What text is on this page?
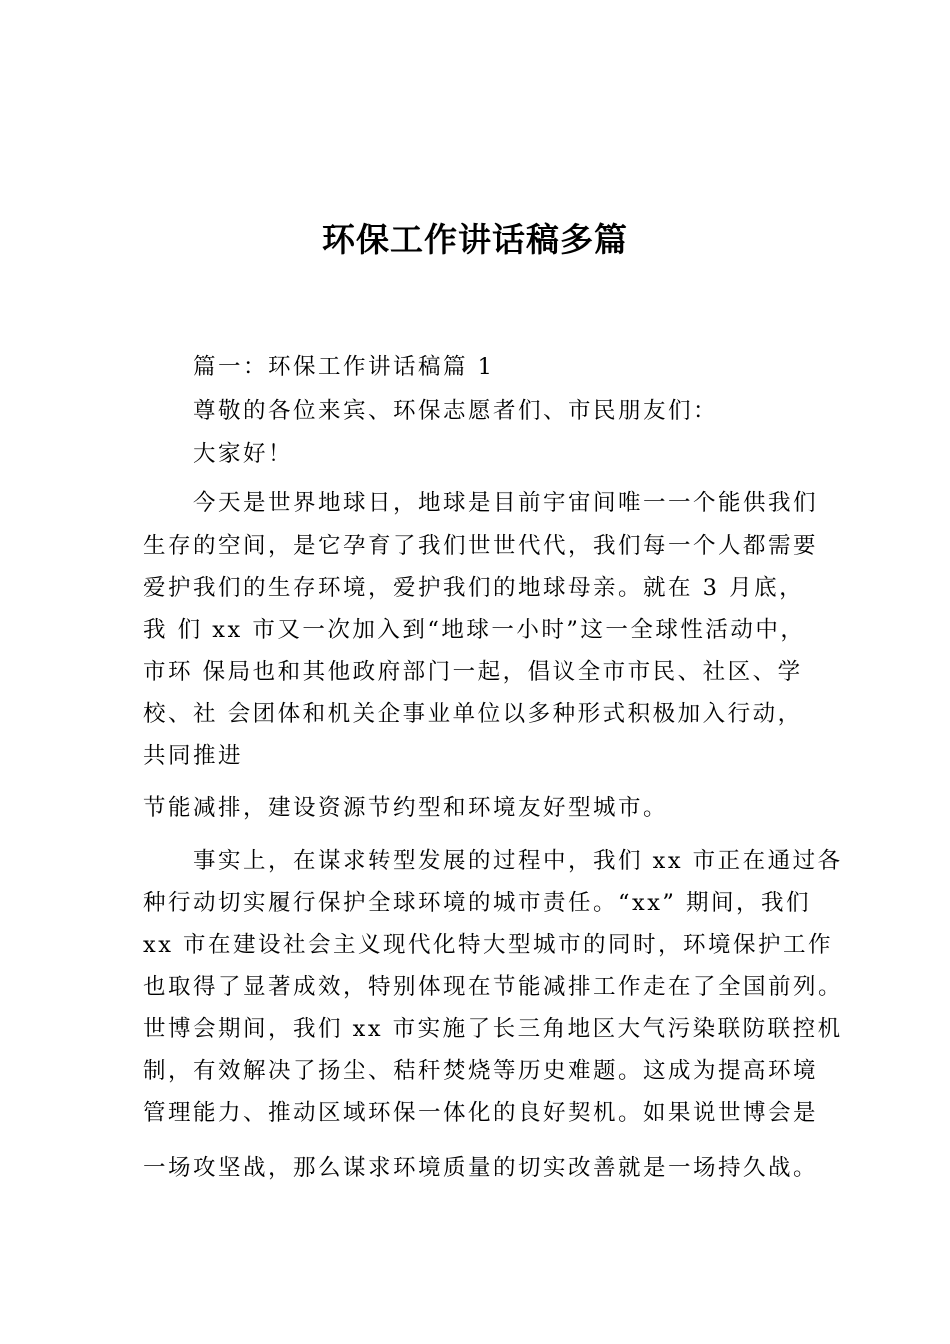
环保工作讲话稿多篇
篇一：环保工作讲话稿篇 1
尊敬的各位来宾、环保志愿者们、市民朋友们：
大家好！
今天是世界地球日，地球是目前宇宙间唯一一个能供我们
生存的空间，是它孕育了我们世世代代，我们每一个人都需要
爱护我们的生存环境，爱护我们的地球母亲。就在 3 月底，
我 们 xx 市又一次加入到“地球一小时”这一全球性活动中，
市环 保局也和其他政府部门一起，倡议全市市民、社区、学
校、社 会团体和机关企事业单位以多种形式积极加入行动，
共同推进
节能减排，建设资源节约型和环境友好型城市。
事实上，在谋求转型发展的过程中，我们 xx 市正在通过各
种行动切实履行保护全球环境的城市责任。“xx” 期间，我们
xx 市在建设社会主义现代化特大型城市的同时，环境保护工作
也取得了显著成效，特别体现在节能减排工作走在了全国前列。
世博会期间，我们 xx 市实施了长三角地区大气污染联防联控机
制，有效解决了扬尘、秸秆焚烧等历史难题。这成为提高环境
管理能力、推动区域环保一体化的良好契机。如果说世博会是
一场攻坚战，那么谋求环境质量的切实改善就是一场持久战。
